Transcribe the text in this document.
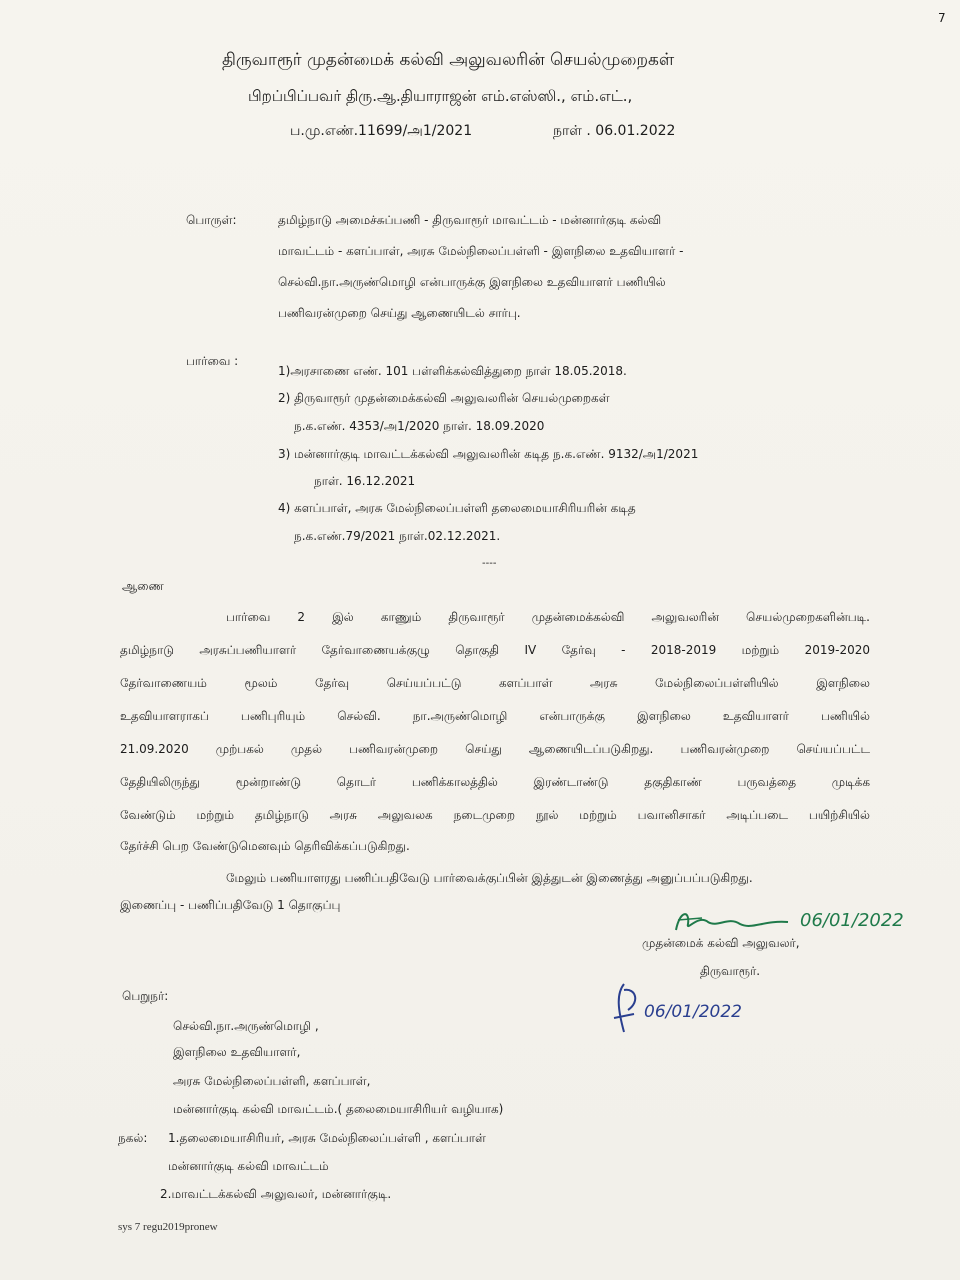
7
திருவாரூர் முதன்மைக் கல்வி அலுவலரின் செயல்முறைகள்
பிறப்பிப்பவர் திரு.ஆ.தியாராஜன் எம்.எஸ்ஸி., எம்.எட்.,
ப.மு.எண்.11699/அ1/2021	நாள் . 06.01.2022
பொருள்:	தமிழ்நாடு அமைச்சுப்பணி - திருவாரூர் மாவட்டம் - மன்னார்குடி கல்வி
மாவட்டம் - களப்பாள், அரசு மேல்நிலைப்பள்ளி - இளநிலை உதவியாளர் -
செல்வி.நா.அருண்மொழி என்பாருக்கு இளநிலை உதவியாளர் பணியில்
பணிவரன்முறை செய்து ஆணையிடல் சார்பு.
பார்வை :
1)அரசாணை எண். 101 பள்ளிக்கல்வித்துறை நாள் 18.05.2018.
2) திருவாரூர் முதன்மைக்கல்வி அலுவலரின் செயல்முறைகள்
ந.க.எண். 4353/அ1/2020 நாள். 18.09.2020
3) மன்னார்குடி மாவட்டக்கல்வி அலுவலரின் கடித ந.க.எண். 9132/அ1/2021
நாள். 16.12.2021
4) களப்பாள், அரசு மேல்நிலைப்பள்ளி தலைமையாசிரியரின் கடித
ந.க.எண்.79/2021 நாள்.02.12.2021.
----
ஆணை
பார்வை 2 இல் காணும் திருவாரூர் முதன்மைக்கல்வி அலுவலரின் செயல்முறைகளின்படி.
தமிழ்நாடு அரசுப்பணியாளர் தேர்வாணையக்குழு தொகுதி IV தேர்வு - 2018-2019 மற்றும் 2019-2020
தேர்வாணையம் மூலம் தேர்வு செய்யப்பட்டு களப்பாள் அரசு மேல்நிலைப்பள்ளியில் இளநிலை
உதவியாளராகப் பணிபுரியும் செல்வி. நா.அருண்மொழி என்பாருக்கு இளநிலை உதவியாளர் பணியில்
21.09.2020 முற்பகல் முதல் பணிவரன்முறை செய்து ஆணையிடப்படுகிறது. பணிவரன்முறை செய்யப்பட்ட
தேதியிலிருந்து மூன்றாண்டு தொடர் பணிக்காலத்தில் இரண்டாண்டு தகுதிகாண் பருவத்தை முடிக்க
வேண்டும் மற்றும் தமிழ்நாடு அரசு அலுவலக நடைமுறை நூல் மற்றும் பவானிசாகர் அடிப்படை பயிற்சியில்
தேர்ச்சி பெற வேண்டுமெனவும் தெரிவிக்கப்படுகிறது.
மேலும் பணியாளரது பணிப்பதிவேடு பார்வைக்குப்பின் இத்துடன் இணைத்து அனுப்பப்படுகிறது.
இணைப்பு - பணிப்பதிவேடு 1 தொகுப்பு
06/01/2022
முதன்மைக் கல்வி அலுவலர்,
திருவாரூர்.
பெறுநர்:
06/01/2022
செல்வி.நா.அருண்மொழி ,
இளநிலை உதவியாளர்,
அரசு மேல்நிலைப்பள்ளி, களப்பாள்,
மன்னார்குடி கல்வி மாவட்டம்.( தலைமையாசிரியர் வழியாக)
நகல்: 1.தலைமையாசிரியர், அரசு மேல்நிலைப்பள்ளி , களப்பாள்
மன்னார்குடி கல்வி மாவட்டம்
2.மாவட்டக்கல்வி அலுவலர், மன்னார்குடி.
sys 7 regu2019pronew
